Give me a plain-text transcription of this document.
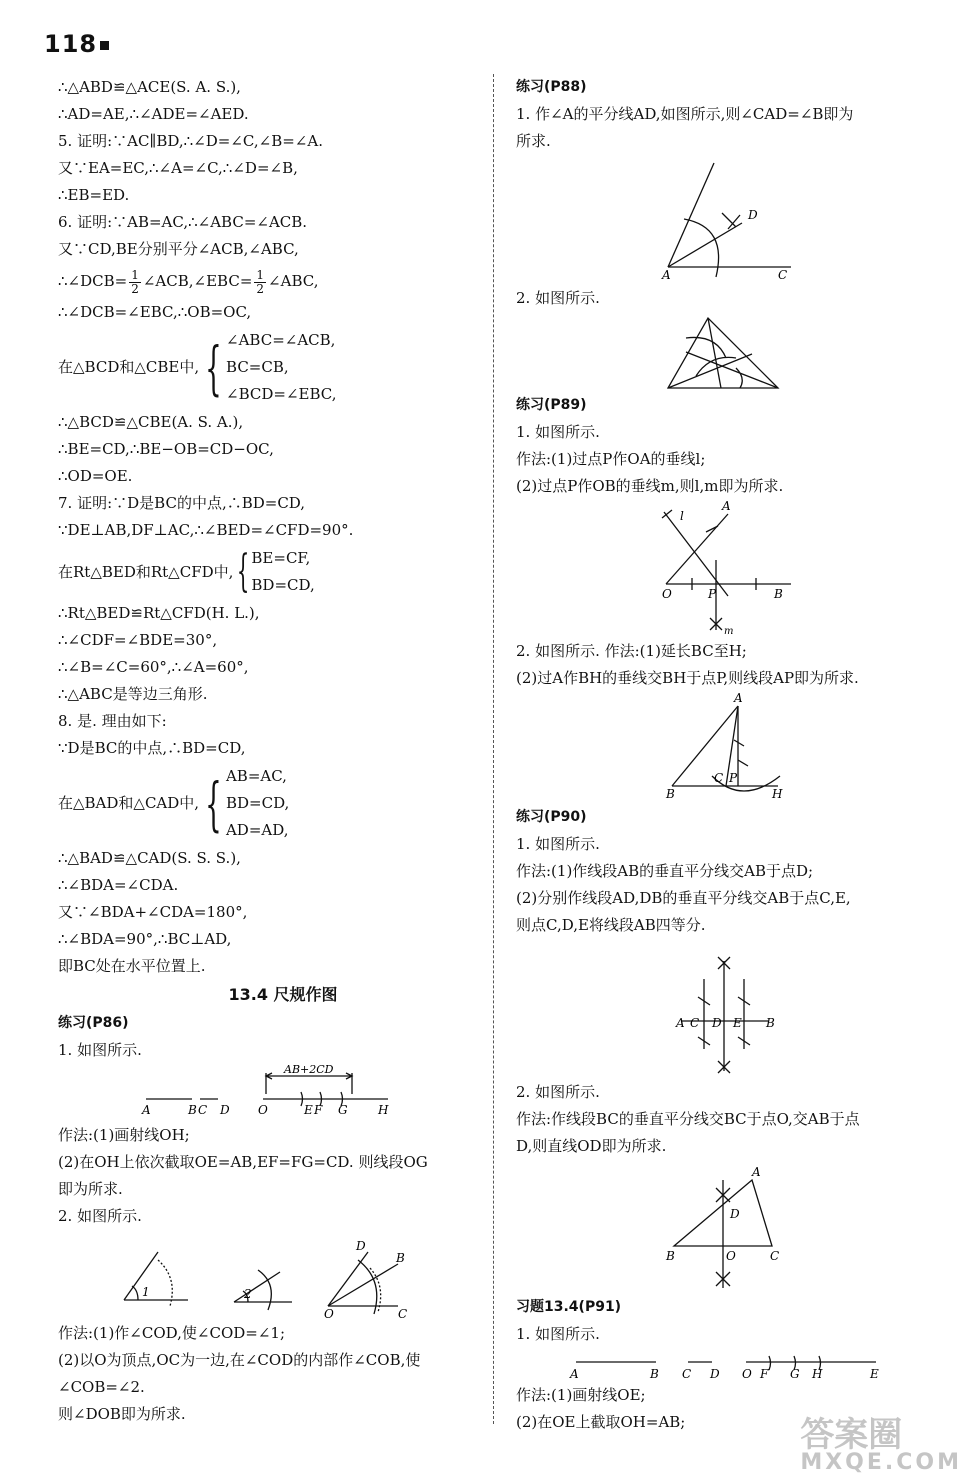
118
∴△ABD≌△ACE(S. A. S.),
∴AD=AE,∴∠ADE=∠AED.
5. 证明:∵AC∥BD,∴∠D=∠C,∠B=∠A.
又∵EA=EC,∴∠A=∠C,∴∠D=∠B,
∴EB=ED.
6. 证明:∵AB=AC,∴∠ABC=∠ACB.
又∵CD,BE分别平分∠ACB,∠ABC,
∴∠DCB= $\frac{1}{2}$ ∠ACB,∠EBC= $\frac{1}{2}$ ∠ABC,
∴∠DCB=∠EBC,∴OB=OC,
在△BCD和△CBE中, { ∠ABC=∠ACB,
BC=CB,
∠BCD=∠EBC,
∴△BCD≌△CBE(A. S. A.),
∴BE=CD,∴BE−OB=CD−OC,
∴OD=OE.
7. 证明:∵D是BC的中点,∴BD=CD,
∵DE⊥AB,DF⊥AC,∴∠BED=∠CFD=90°.
在Rt△BED和Rt△CFD中, { BE=CF,
BD=CD,
∴Rt△BED≌Rt△CFD(H. L.),
∴∠CDF=∠BDE=30°,
∴∠B=∠C=60°,∴∠A=60°,
∴△ABC是等边三角形.
8. 是. 理由如下:
∵D是BC的中点,∴BD=CD,
在△BAD和△CAD中, { AB=AC,
BD=CD,
AD=AD,
∴△BAD≌△CAD(S. S. S.),
∴∠BDA=∠CDA.
又∵∠BDA+∠CDA=180°,
∴∠BDA=90°,∴BC⊥AD,
即BC处在水平位置上.
13.4 尺规作图
练习(P86)
1. 如图所示.
AB+2CD
A	B C D O	E F G	H
作法:(1)画射线OH;
(2)在OH上依次截取OE=AB,EF=FG=CD. 则线段OG
即为所求.
2. 如图所示.
1	2
O	C
D
B
作法:(1)作∠COD,使∠COD=∠1;
(2)以O为顶点,OC为一边,在∠COD的内部作∠COB,使
∠COB=∠2.
则∠DOB即为所求.
练习(P88)
1. 作∠A的平分线AD,如图所示,则∠CAD=∠B即为
所求.
A	C
D
2. 如图所示.
练习(P89)
1. 如图所示.
作法:(1)过点P作OA的垂线l;
(2)过点P作OB的垂线m,则l,m即为所求.
l
A
O	P	B
m
2. 如图所示. 作法:(1)延长BC至H;
(2)过A作BH的垂线交BH于点P,则线段AP即为所求.
A
B
C P
H
练习(P90)
1. 如图所示.
作法:(1)作线段AB的垂直平分线交AB于点D;
(2)分别作线段AD,DB的垂直平分线交AB于点C,E,
则点C,D,E将线段AB四等分.
A C D E B
2. 如图所示.
作法:作线段BC的垂直平分线交BC于点O,交AB于点
D,则直线OD即为所求.
A
D
B	O	C
习题13.4(P91)
1. 如图所示.
A	B C D O F G H	E
作法:(1)画射线OE;
(2)在OE上截取OH=AB;	答案圈
MXQE.COM
